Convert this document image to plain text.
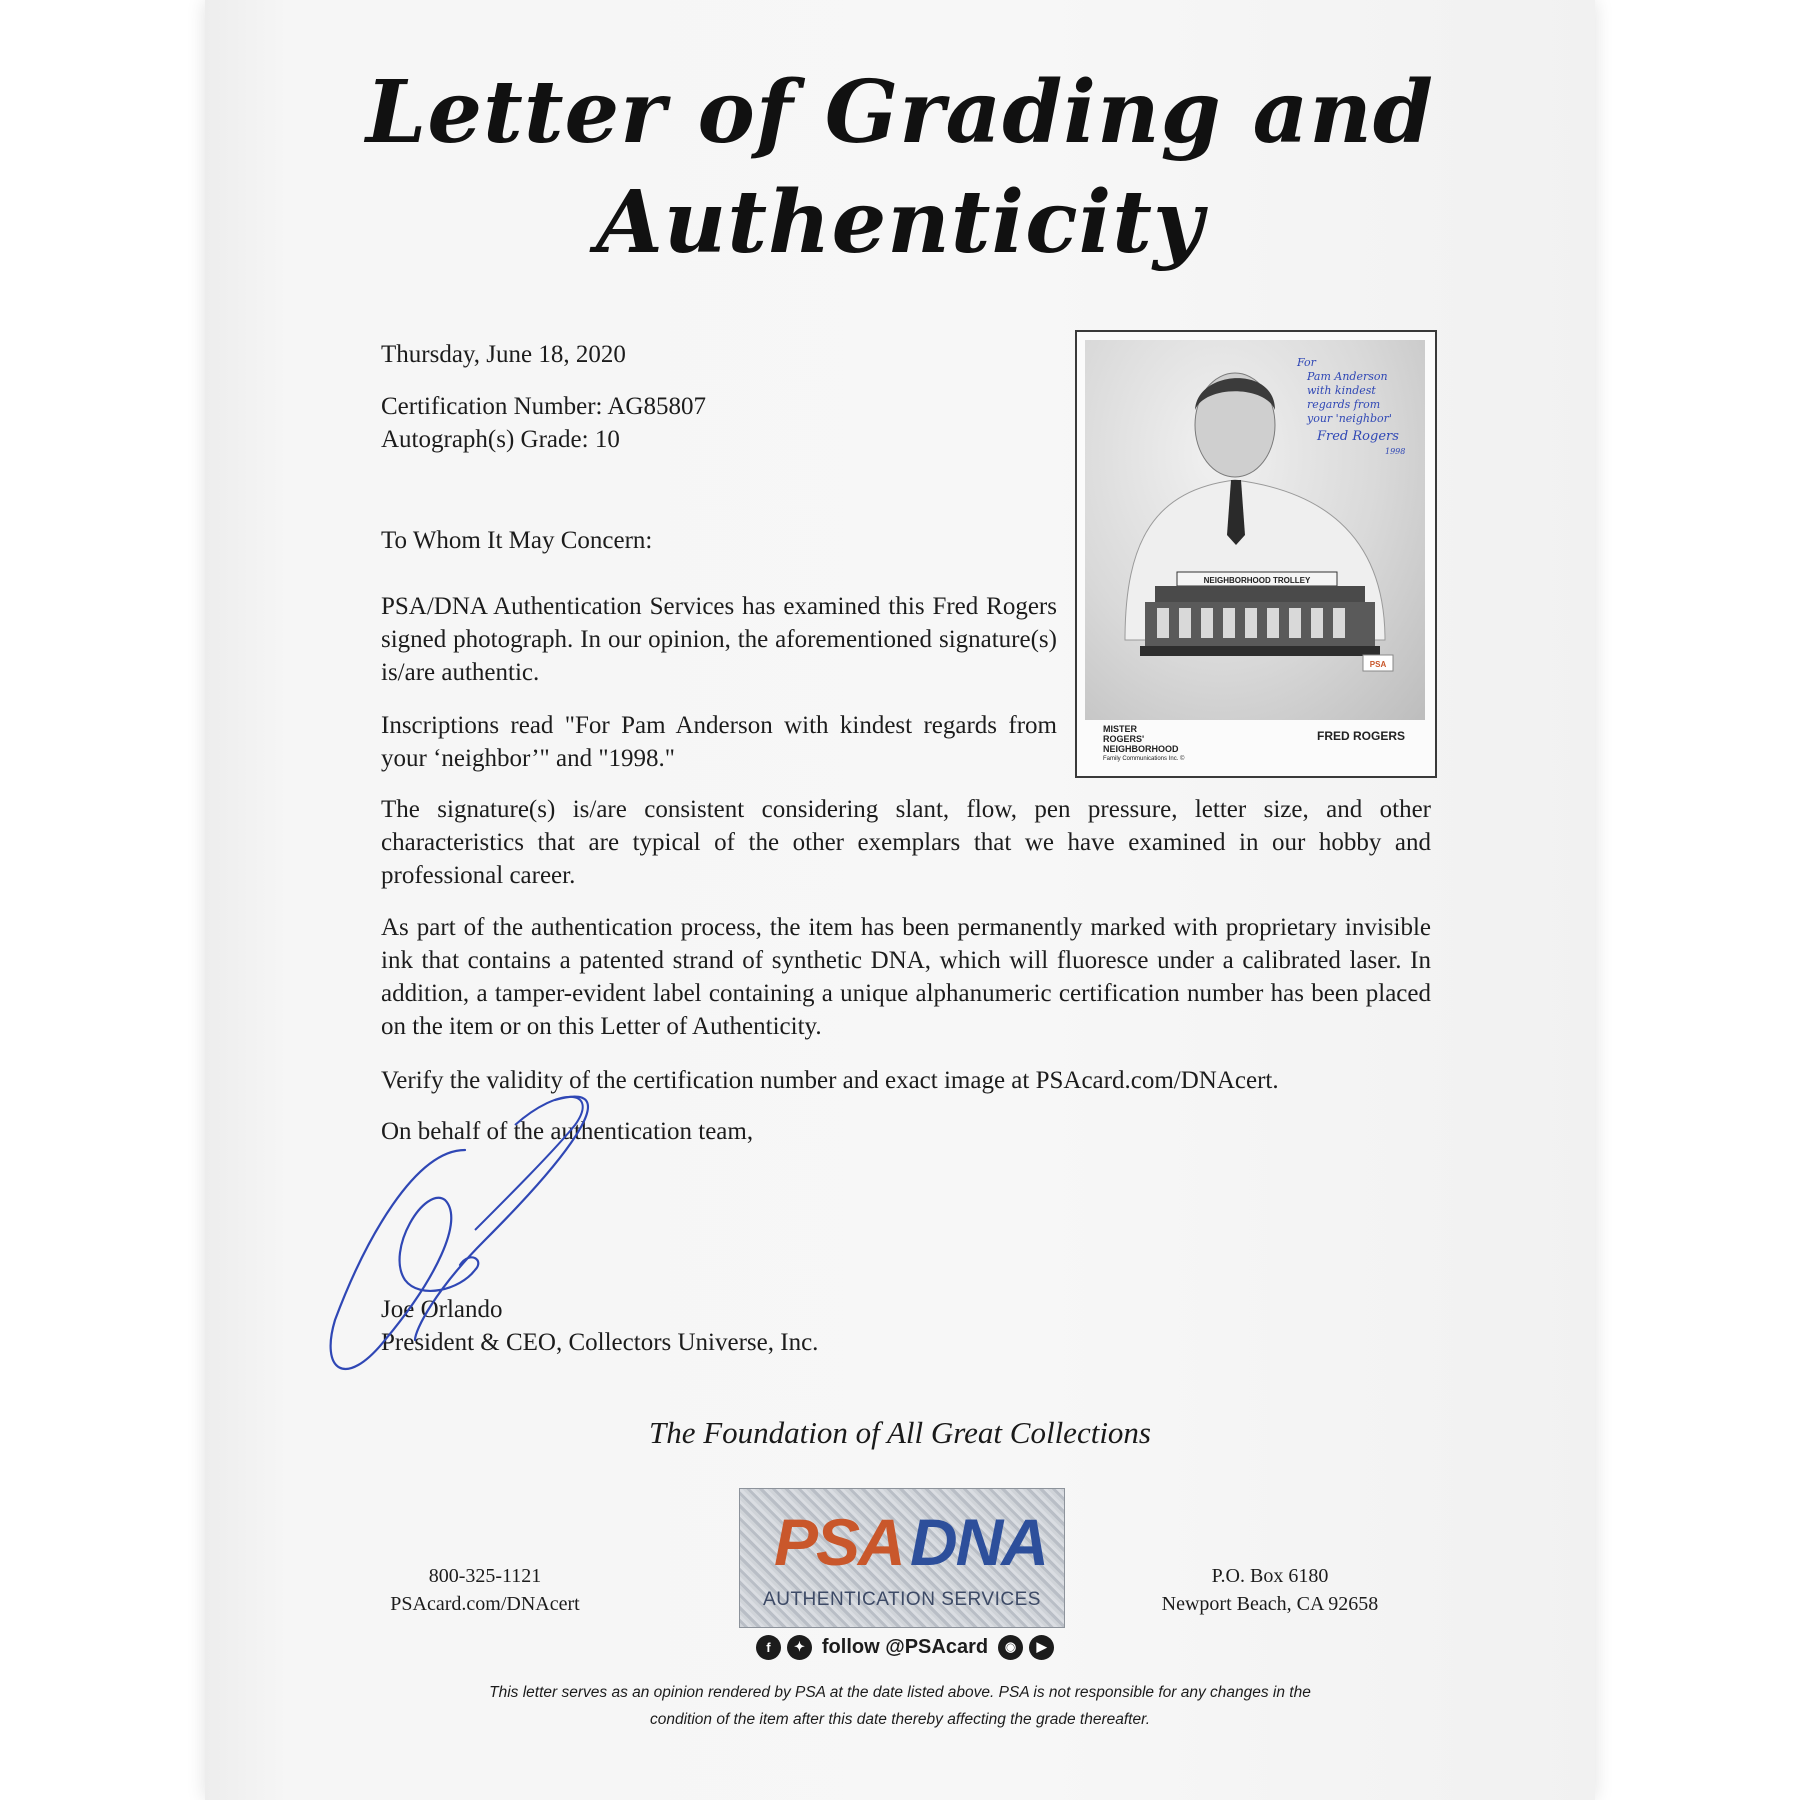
Letter of Grading and
Authenticity

Thursday, June 18, 2020

Certification Number: AG85807

Autograph(s) Grade: 10

To Whom It May Concern:

PSA/DNA Authentication Services has examined this Fred Rogers signed photograph. In our opinion, the aforementioned signature(s) is/are authentic.

Inscriptions read "For Pam Anderson with kindest regards from your ‘neighbor’" and "1998."

The signature(s) is/are consistent considering slant, flow, pen pressure, letter size, and other characteristics that are typical of the other exemplars that we have examined in our hobby and professional career.

As part of the authentication process, the item has been permanently marked with proprietary invisible ink that contains a patented strand of synthetic DNA, which will fluoresce under a calibrated laser. In addition, a tamper-evident label containing a unique alphanumeric certification number has been placed on the item or on this Letter of Authenticity.

Verify the validity of the certification number and exact image at PSAcard.com/DNAcert.

On behalf of the authentication team,

Joe Orlando

President & CEO, Collectors Universe, Inc.

NEIGHBORHOOD TROLLEY
PSA
For
Pam Anderson
with kindest
regards from
your 'neighbor'
Fred Rogers
1998
MISTER
ROGERS'
NEIGHBORHOOD
Family Communications Inc. ©
FRED ROGERS
The Foundation of All Great Collections
800-325-1121
PSAcard.com/DNAcert
PSA DNA
AUTHENTICATION SERVICES
f	✦ follow @PSAcard	◉	▶
P.O. Box 6180
Newport Beach, CA 92658
This letter serves as an opinion rendered by PSA at the date listed above. PSA is not responsible for any changes in the
condition of the item after this date thereby affecting the grade thereafter.
